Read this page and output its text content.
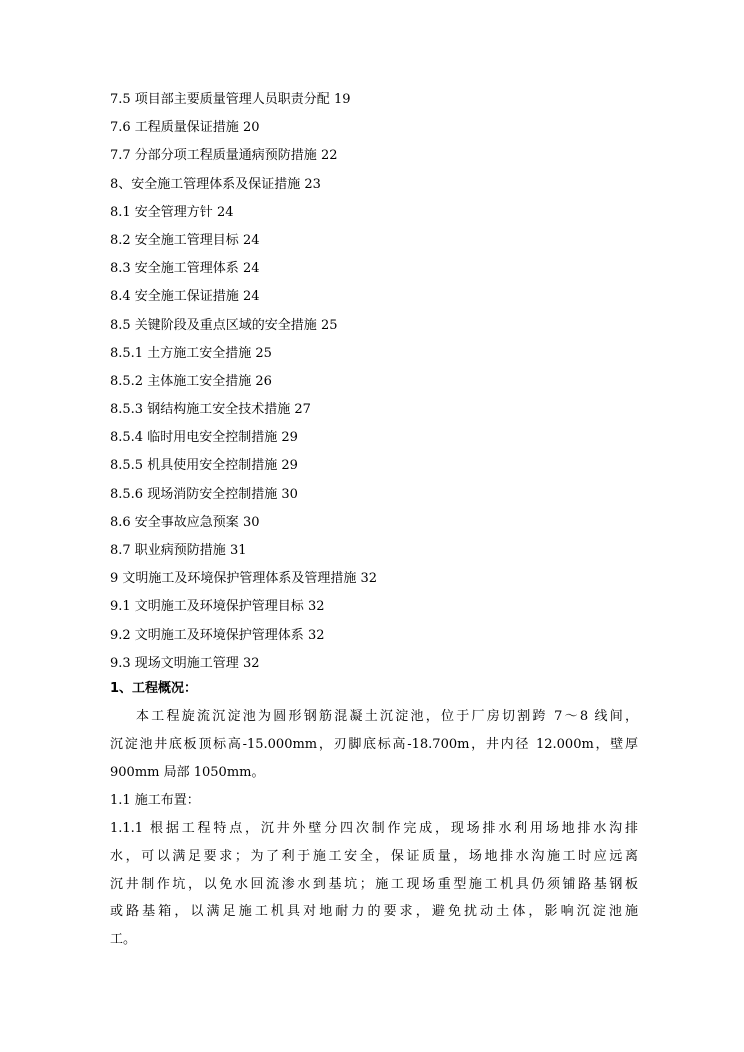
7.5 项目部主要质量管理人员职责分配 19
7.6 工程质量保证措施 20
7.7 分部分项工程质量通病预防措施 22
8、安全施工管理体系及保证措施 23
8.1 安全管理方针 24
8.2 安全施工管理目标 24
8.3 安全施工管理体系 24
8.4 安全施工保证措施 24
8.5 关键阶段及重点区域的安全措施 25
8.5.1 土方施工安全措施 25
8.5.2 主体施工安全措施 26
8.5.3 钢结构施工安全技术措施 27
8.5.4 临时用电安全控制措施 29
8.5.5 机具使用安全控制措施 29
8.5.6 现场消防安全控制措施 30
8.6 安全事故应急预案 30
8.7 职业病预防措施 31
9 文明施工及环境保护管理体系及管理措施 32
9.1 文明施工及环境保护管理目标 32
9.2 文明施工及环境保护管理体系 32
9.3 现场文明施工管理 32
1、工程概况：
本工程旋流沉淀池为圆形钢筋混凝土沉淀池，位于厂房切割跨 7～8 线间，
沉淀池井底板顶标高-15.000mm，刃脚底标高-18.700m，井内径 12.000m，壁厚
900mm 局部 1050mm。
1.1 施工布置：
1.1.1 根据工程特点，沉井外壁分四次制作完成，现场排水利用场地排水沟排
水，可以满足要求；为了利于施工安全，保证质量，场地排水沟施工时应远离
沉井制作坑，以免水回流渗水到基坑；施工现场重型施工机具仍须铺路基钢板
或路基箱，以满足施工机具对地耐力的要求，避免扰动土体，影响沉淀池施
工。
